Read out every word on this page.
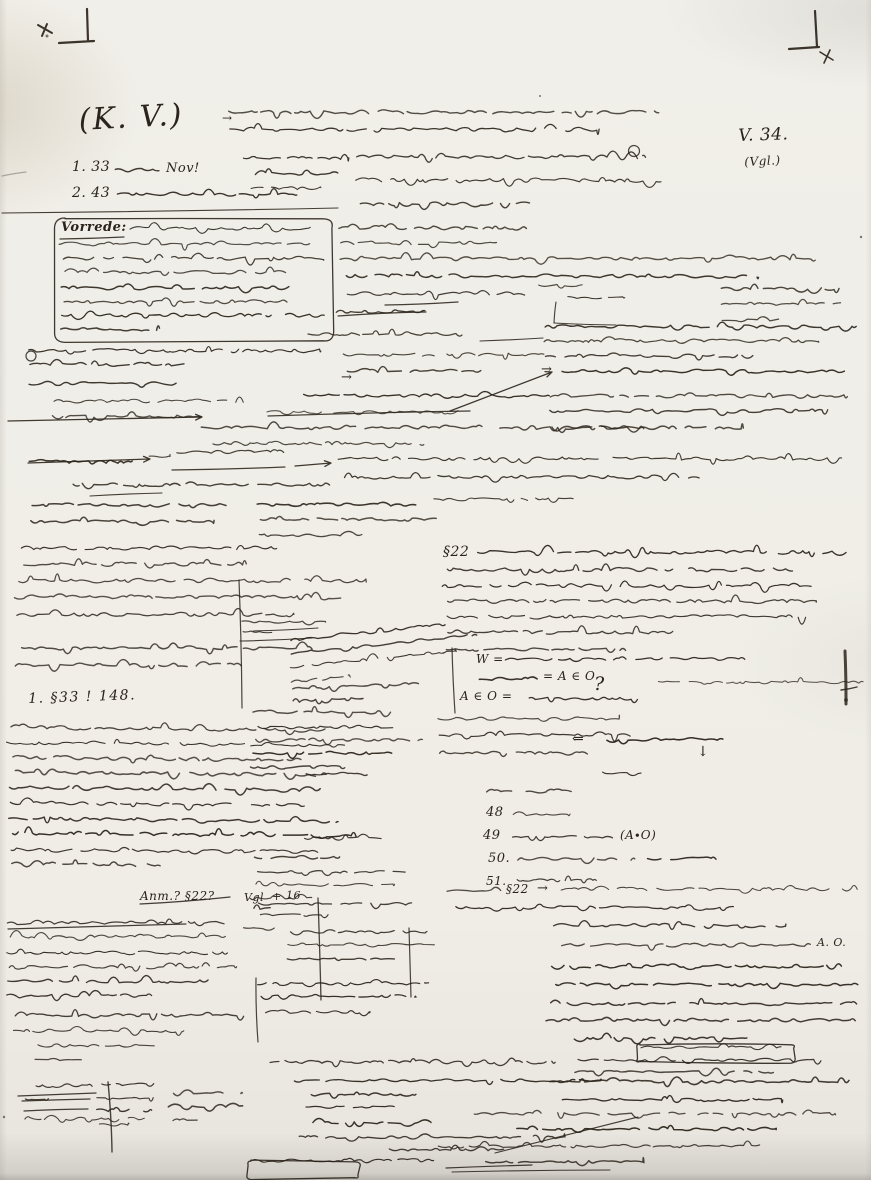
(K. V.)	V. 34.
1. 33	Nov!
2. 43
Vorrede:
(Vgl.)
§22
1. §33 ! 148.
W =
= A ∈ O
A ∈ O =
?
48
49	(A∙O)
50.
51.
§22
A. O.
Anm.? §22?	Vgl + 16
⇐
↓
→
→
→
→
